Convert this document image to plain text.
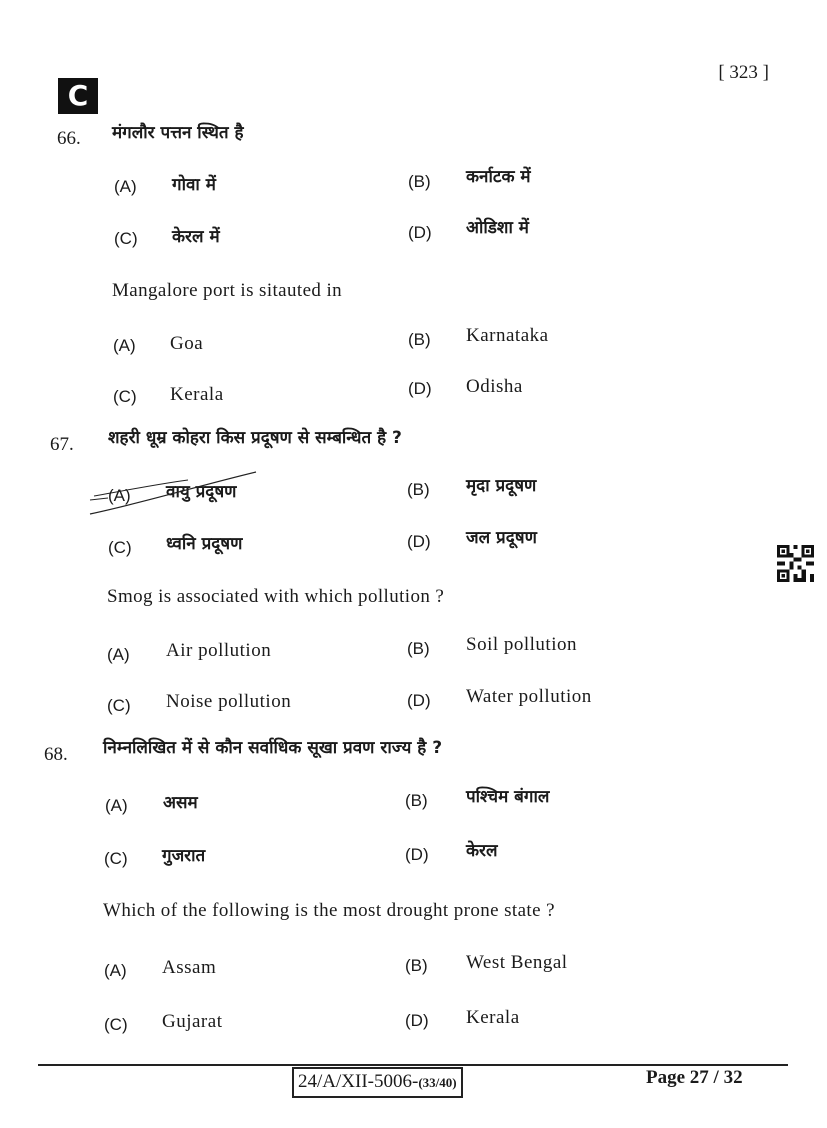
C
[ 323 ]
66. मंगलौर पत्तन स्थित है
(A) गोवा में	(B) कर्नाटक में
(C) केरल में	(D) ओडिशा में
Mangalore port is sitauted in
(A) Goa	(B) Karnataka
(C) Kerala	(D) Odisha
67. शहरी धूम्र कोहरा किस प्रदूषण से सम्बन्धित है ?
(A) वायु प्रदूषण	(B) मृदा प्रदूषण
(C) ध्वनि प्रदूषण	(D) जल प्रदूषण
Smog is associated with which pollution ?
(A) Air pollution	(B) Soil pollution
(C) Noise pollution	(D) Water pollution
68. निम्नलिखित में से कौन सर्वाधिक सूखा प्रवण राज्य है ?
(A) असम	(B) पश्चिम बंगाल
(C) गुजरात	(D) केरल
Which of the following is the most drought prone state ?
(A) Assam	(B) West Bengal
(C) Gujarat	(D) Kerala
24/A/XII-5006-(33/40)	Page 27 / 32
